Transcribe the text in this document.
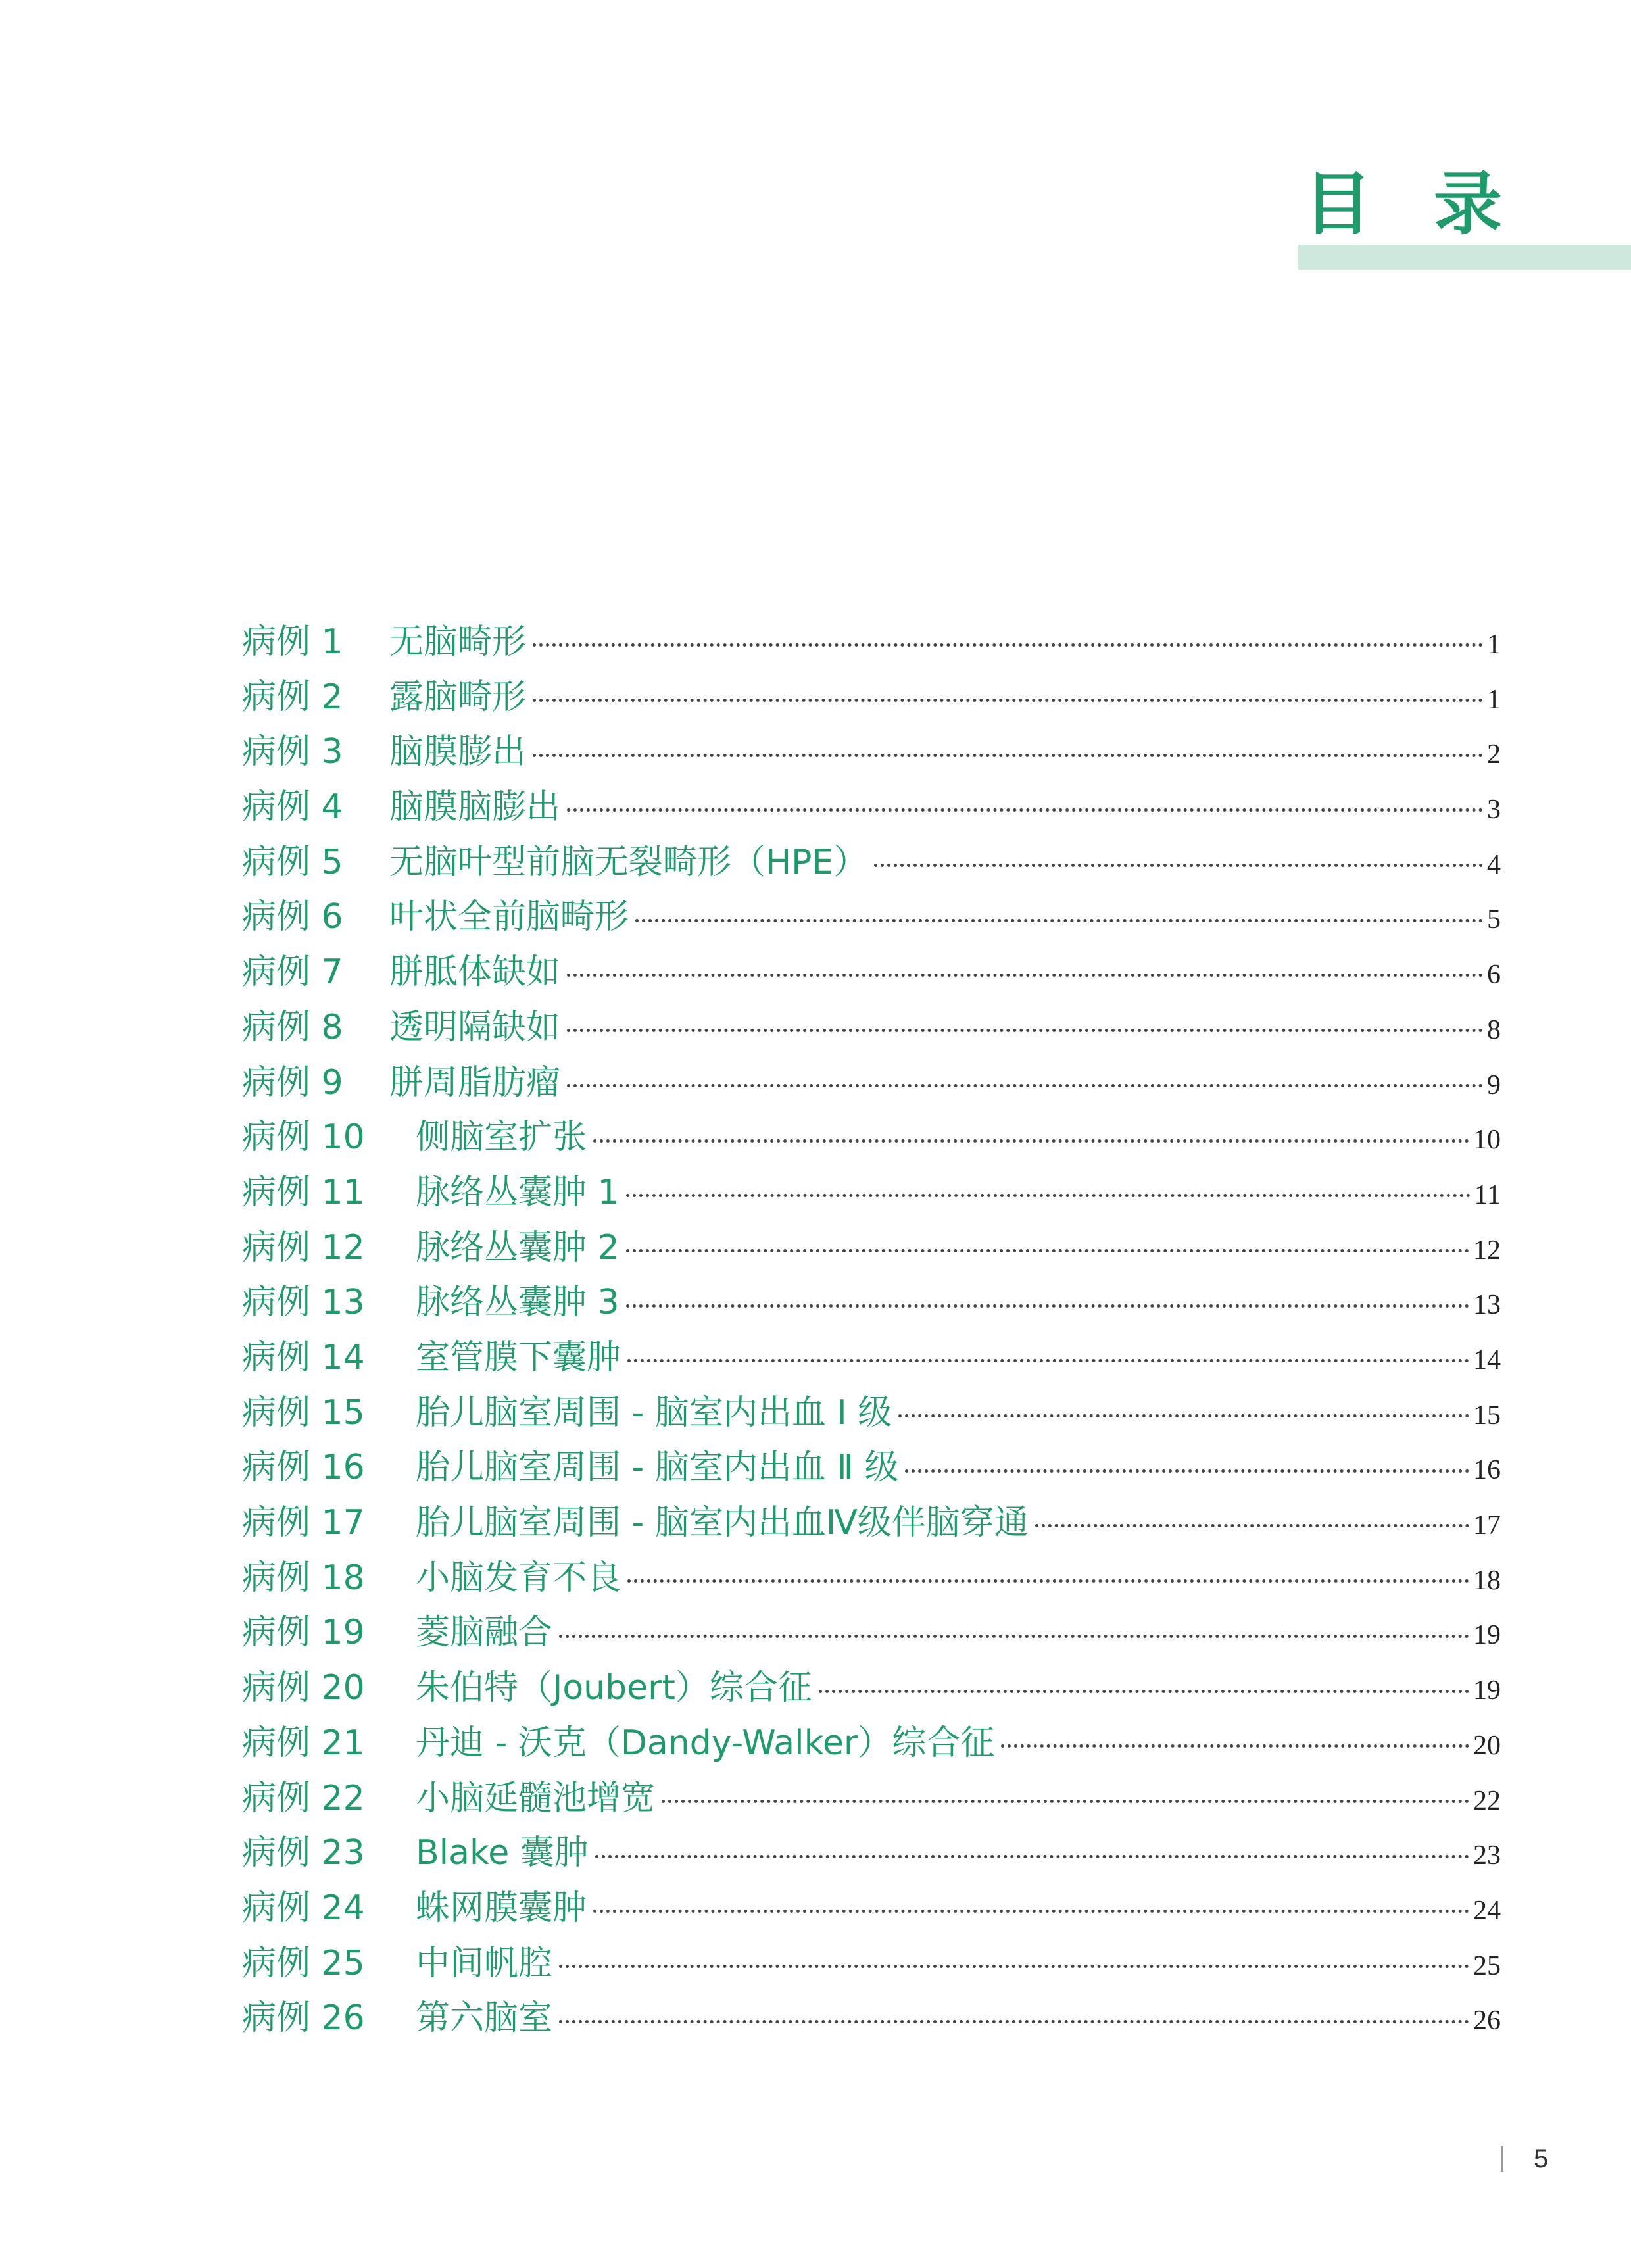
目 录
病例 1	无脑畸形	1
病例 2	露脑畸形	1
病例 3	脑膜膨出	2
病例 4	脑膜脑膨出	3
病例 5	无脑叶型前脑无裂畸形（HPE）	4
病例 6	叶状全前脑畸形	5
病例 7	胼胝体缺如	6
病例 8	透明隔缺如	8
病例 9	胼周脂肪瘤	9
病例 10	侧脑室扩张	10
病例 11	脉络丛囊肿 1	11
病例 12	脉络丛囊肿 2	12
病例 13	脉络丛囊肿 3	13
病例 14	室管膜下囊肿	14
病例 15	胎儿脑室周围 - 脑室内出血 Ⅰ 级	15
病例 16	胎儿脑室周围 - 脑室内出血 Ⅱ 级	16
病例 17	胎儿脑室周围 - 脑室内出血Ⅳ级伴脑穿通	17
病例 18	小脑发育不良	18
病例 19	菱脑融合	19
病例 20	朱伯特（Joubert）综合征	19
病例 21	丹迪 - 沃克（Dandy-Walker）综合征	20
病例 22	小脑延髓池增宽	22
病例 23	Blake 囊肿	23
病例 24	蛛网膜囊肿	24
病例 25	中间帆腔	25
病例 26	第六脑室	26
5
